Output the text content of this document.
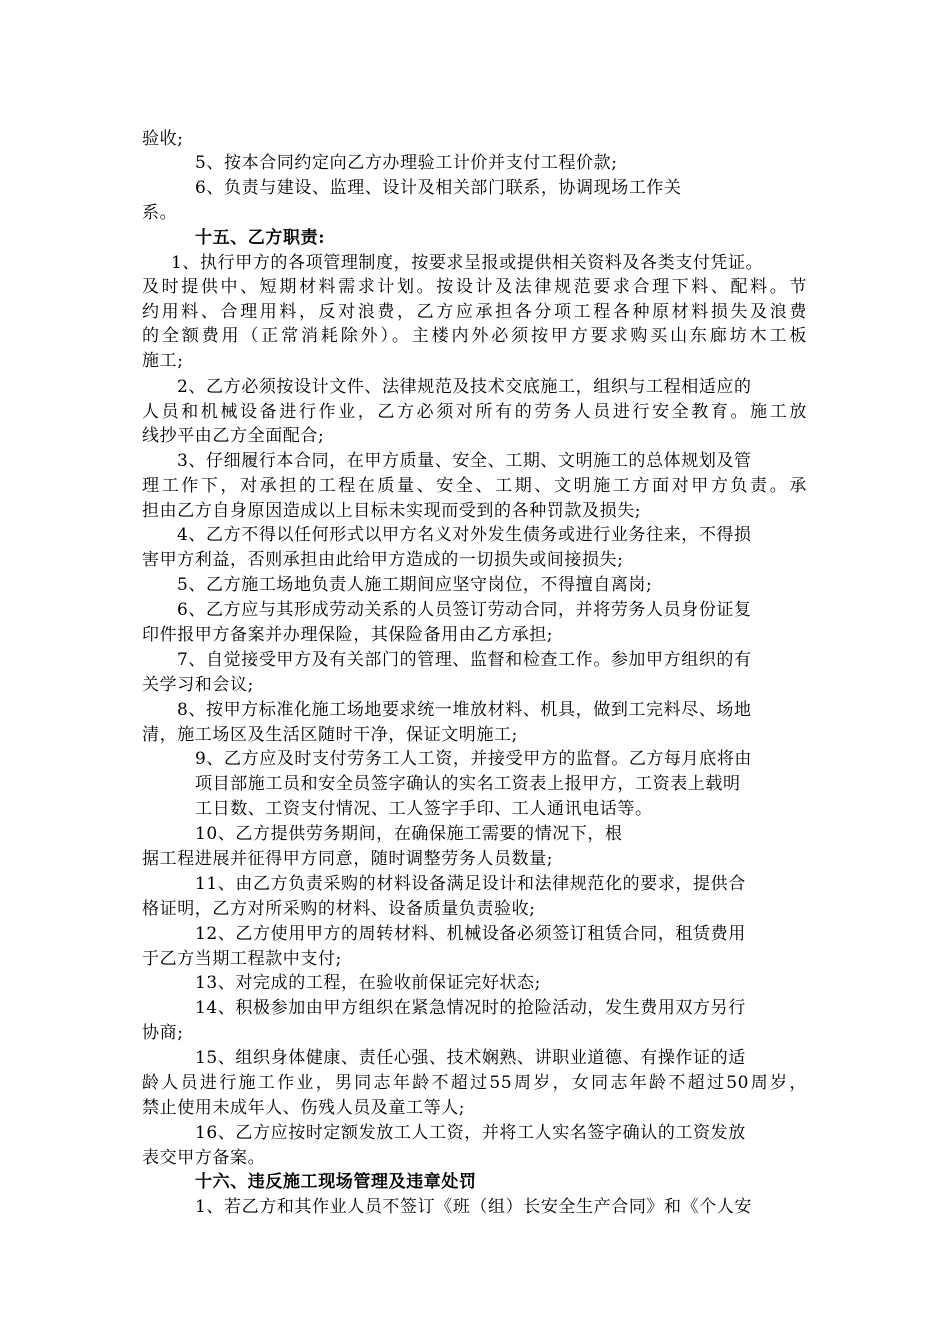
验收;
5、按本合同约定向乙方办理验工计价并支付工程价款;
6、负责与建设、监理、设计及相关部门联系，协调现场工作关
系。
十五、乙方职责:
1、执行甲方的各项管理制度，按要求呈报或提供相关资料及各类支付凭证。
及时提供中、短期材料需求计划。按设计及法律规范要求合理下料、配料。节
约用料、合理用料，反对浪费，乙方应承担各分项工程各种原材料损失及浪费
的全额费用（正常消耗除外）。主楼内外必须按甲方要求购买山东廊坊木工板
施工;
2、乙方必须按设计文件、法律规范及技术交底施工，组织与工程相适应的
人员和机械设备进行作业，乙方必须对所有的劳务人员进行安全教育。施工放
线抄平由乙方全面配合;
3、仔细履行本合同，在甲方质量、安全、工期、文明施工的总体规划及管
理工作下，对承担的工程在质量、安全、工期、文明施工方面对甲方负责。承
担由乙方自身原因造成以上目标未实现而受到的各种罚款及损失;
4、乙方不得以任何形式以甲方名义对外发生债务或进行业务往来，不得损
害甲方利益，否则承担由此给甲方造成的一切损失或间接损失;
5、乙方施工场地负责人施工期间应坚守岗位，不得擅自离岗;
6、乙方应与其形成劳动关系的人员签订劳动合同，并将劳务人员身份证复
印件报甲方备案并办理保险，其保险备用由乙方承担;
7、自觉接受甲方及有关部门的管理、监督和检查工作。参加甲方组织的有
关学习和会议;
8、按甲方标准化施工场地要求统一堆放材料、机具，做到工完料尽、场地
清，施工场区及生活区随时干净，保证文明施工;
9、乙方应及时支付劳务工人工资，并接受甲方的监督。乙方每月底将由
项目部施工员和安全员签字确认的实名工资表上报甲方，工资表上载明
工日数、工资支付情况、工人签字手印、工人通讯电话等。
10、乙方提供劳务期间，在确保施工需要的情况下，根
据工程进展并征得甲方同意，随时调整劳务人员数量;
11、由乙方负责采购的材料设备满足设计和法律规范化的要求，提供合
格证明，乙方对所采购的材料、设备质量负责验收;
12、乙方使用甲方的周转材料、机械设备必须签订租赁合同，租赁费用
于乙方当期工程款中支付;
13、对完成的工程，在验收前保证完好状态;
14、积极参加由甲方组织在紧急情况时的抢险活动，发生费用双方另行
协商;
15、组织身体健康、责任心强、技术娴熟、讲职业道德、有操作证的适
龄人员进行施工作业，男同志年龄不超过55周岁，女同志年龄不超过50周岁，
禁止使用未成年人、伤残人员及童工等人;
16、乙方应按时定额发放工人工资，并将工人实名签字确认的工资发放
表交甲方备案。
十六、违反施工现场管理及违章处罚
1、若乙方和其作业人员不签订《班（组）长安全生产合同》和《个人安
